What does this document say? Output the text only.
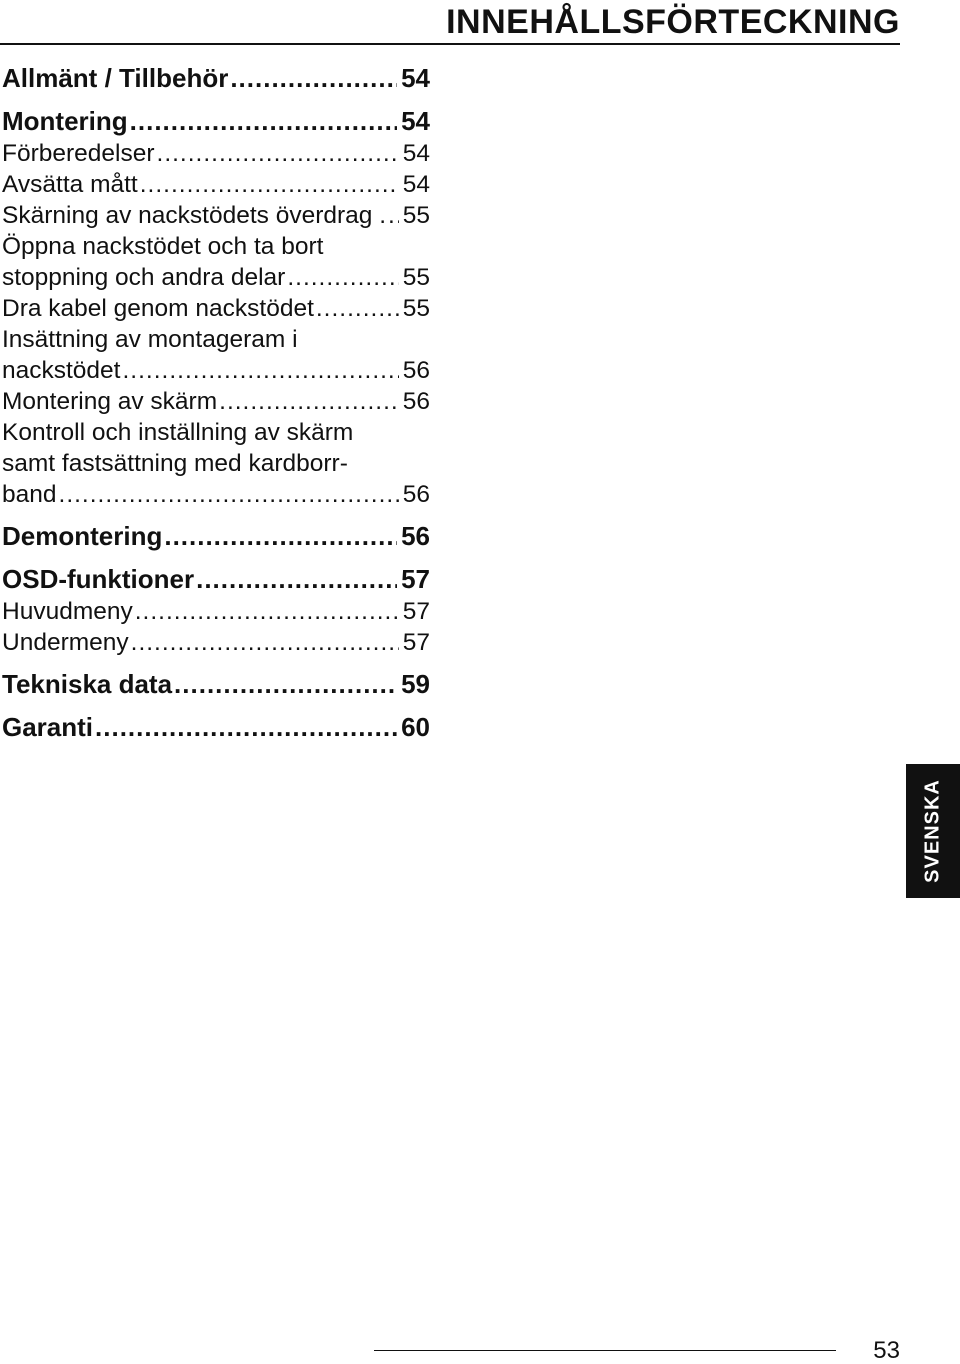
INNEHÅLLSFÖRTECKNING
Allmänt / Tillbehör .....	54
Montering .....	54
Förberedelser .....	54
Avsätta mått .....	54
Skärning av nackstödets överdrag . ..... 55
Öppna nackstödet och ta bort
stoppning och andra delar .....	55
Dra kabel genom nackstödet .....	55
Insättning av montageram i
nackstödet .....	56
Montering av skärm .....	56
Kontroll och inställning av skärm
samt fastsättning med kardborr-
band .....	56
Demontering .....	56
OSD-funktioner .....	57
Huvudmeny .....	57
Undermeny .....	57
Tekniska data .....	59
Garanti .....	60
SVENSKA
53
